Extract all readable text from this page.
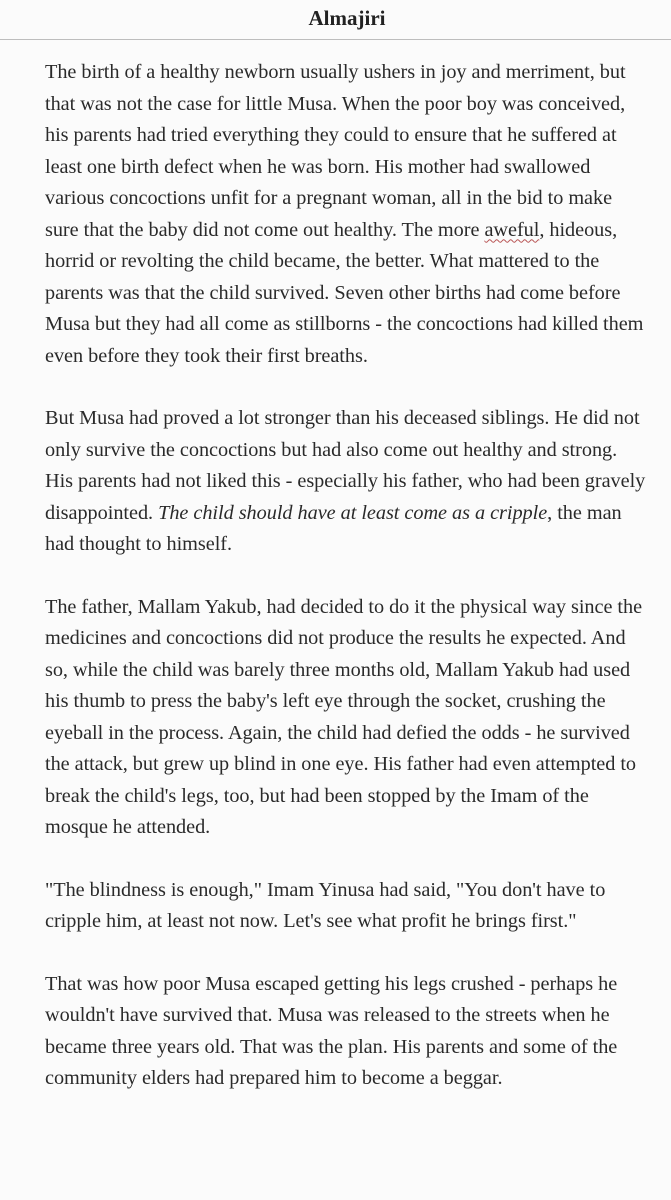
Almajiri

The birth of a healthy newborn usually ushers in joy and merriment, but that was not the case for little Musa. When the poor boy was conceived, his parents had tried everything they could to ensure that he suffered at least one birth defect when he was born. His mother had swallowed various concoctions unfit for a pregnant woman, all in the bid to make sure that the baby did not come out healthy. The more aweful, hideous, horrid or revolting the child became, the better. What mattered to the parents was that the child survived. Seven other births had come before Musa but they had all come as stillborns - the concoctions had killed them even before they took their first breaths.

But Musa had proved a lot stronger than his deceased siblings. He did not only survive the concoctions but had also come out healthy and strong. His parents had not liked this - especially his father, who had been gravely disappointed. The child should have at least come as a cripple, the man had thought to himself.

The father, Mallam Yakub, had decided to do it the physical way since the medicines and concoctions did not produce the results he expected. And so, while the child was barely three months old, Mallam Yakub had used his thumb to press the baby's left eye through the socket, crushing the eyeball in the process. Again, the child had defied the odds - he survived the attack, but grew up blind in one eye. His father had even attempted to break the child's legs, too, but had been stopped by the Imam of the mosque he attended.

"The blindness is enough," Imam Yinusa had said, "You don't have to cripple him, at least not now. Let's see what profit he brings first."

That was how poor Musa escaped getting his legs crushed - perhaps he wouldn't have survived that. Musa was released to the streets when he became three years old. That was the plan. His parents and some of the community elders had prepared him to become a beggar.
